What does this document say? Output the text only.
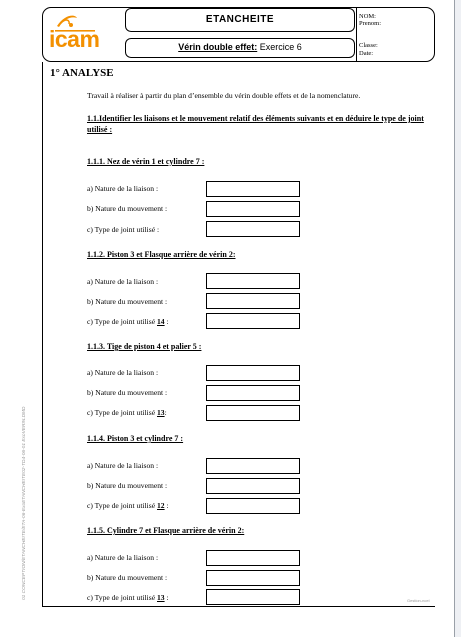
icam
ETANCHEITE
Vérin double effet: Exercice 6
NOM:
Prenom:
Classe:
Date:
1° ANALYSE
Travail à réaliser à partir du plan d’ensemble du vérin double effets et de la nomenclature.
1.1.Identifier les liaisons et le mouvement relatif des éléments suivants et en déduire le type de joint utilisé :
1.1.1. Nez de vérin 1 et cylindre 7 :
a) Nature de la liaison :
b) Nature du mouvement :
c) Type de joint utilisé :
1.1.2. Piston 3 et Flasque arrière de vérin 2:
a) Nature de la liaison :
b) Nature du mouvement :
c) Type de joint utilisé 14 :
1.1.3. Tige de piston 4 et palier 5 :
a) Nature de la liaison :
b) Nature du mouvement :
c) Type de joint utilisé 13:
1.1.4. Piston 3 et cylindre 7 :
a) Nature de la liaison :
b) Nature du mouvement :
c) Type de joint utilisé 12 :
1.1.5. Cylindre 7 et Flasque arrière de vérin 2:
a) Nature de la liaison :
b) Nature du mouvement :
c) Type de joint utilisé 13 :
01 CONCEPTION/ETANCHEITE/ETA-06-ExoETANCHEITE02-TD4-06-01 ExoVERIN.DMD
Gestion-ncel
